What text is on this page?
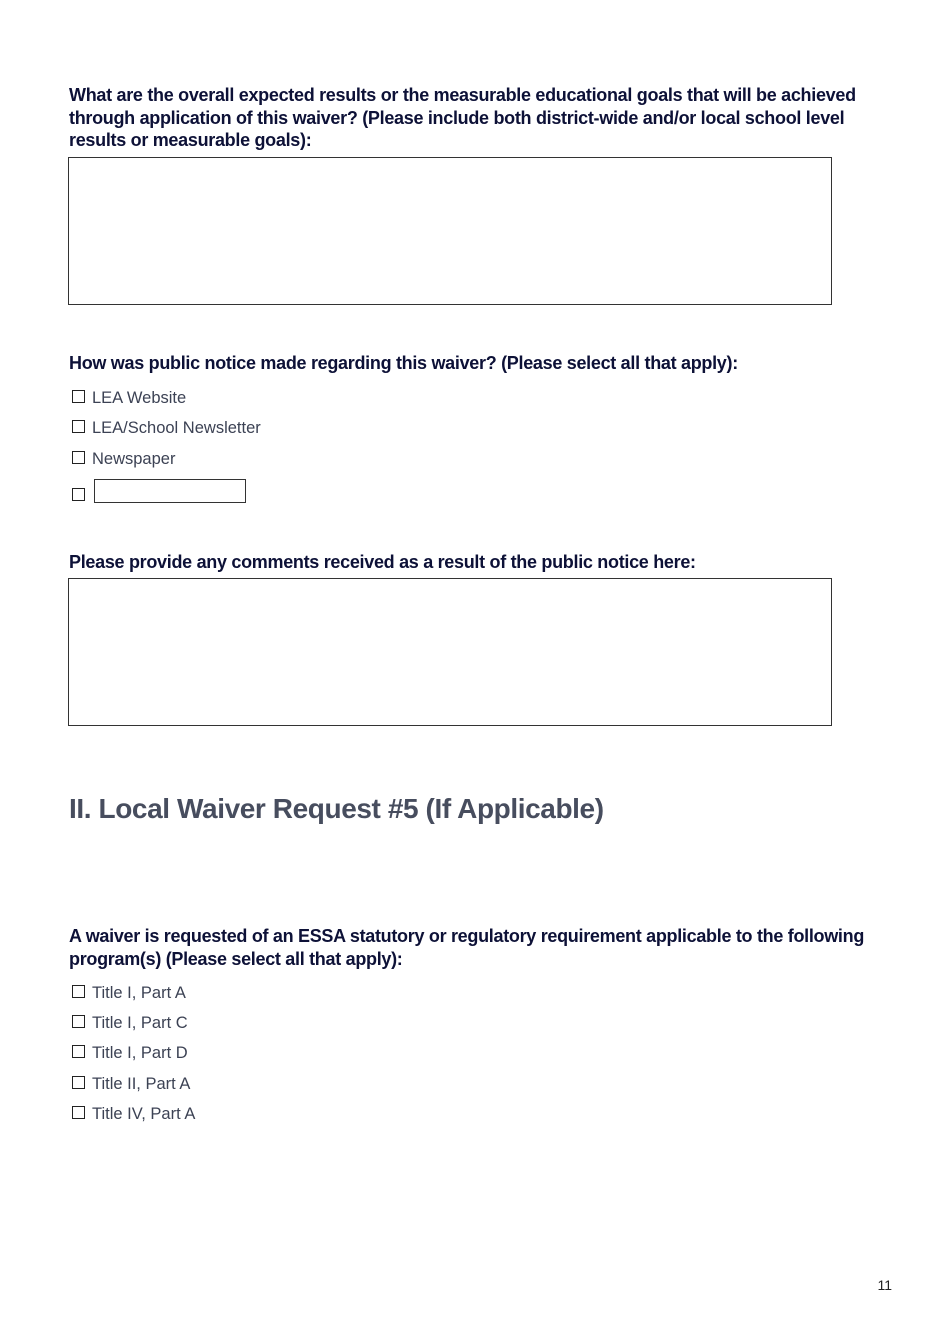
What are the overall expected results or the measurable educational goals that will be achieved through application of this waiver? (Please include both district-wide and/or local school level results or measurable goals):
How was public notice made regarding this waiver? (Please select all that apply):
LEA Website
LEA/School Newsletter
Newspaper
Please provide any comments received as a result of the public notice here:
II. Local Waiver Request #5 (If Applicable)
A waiver is requested of an ESSA statutory or regulatory requirement applicable to the following program(s) (Please select all that apply):
Title I, Part A
Title I, Part C
Title I, Part D
Title II, Part A
Title IV, Part A
11
